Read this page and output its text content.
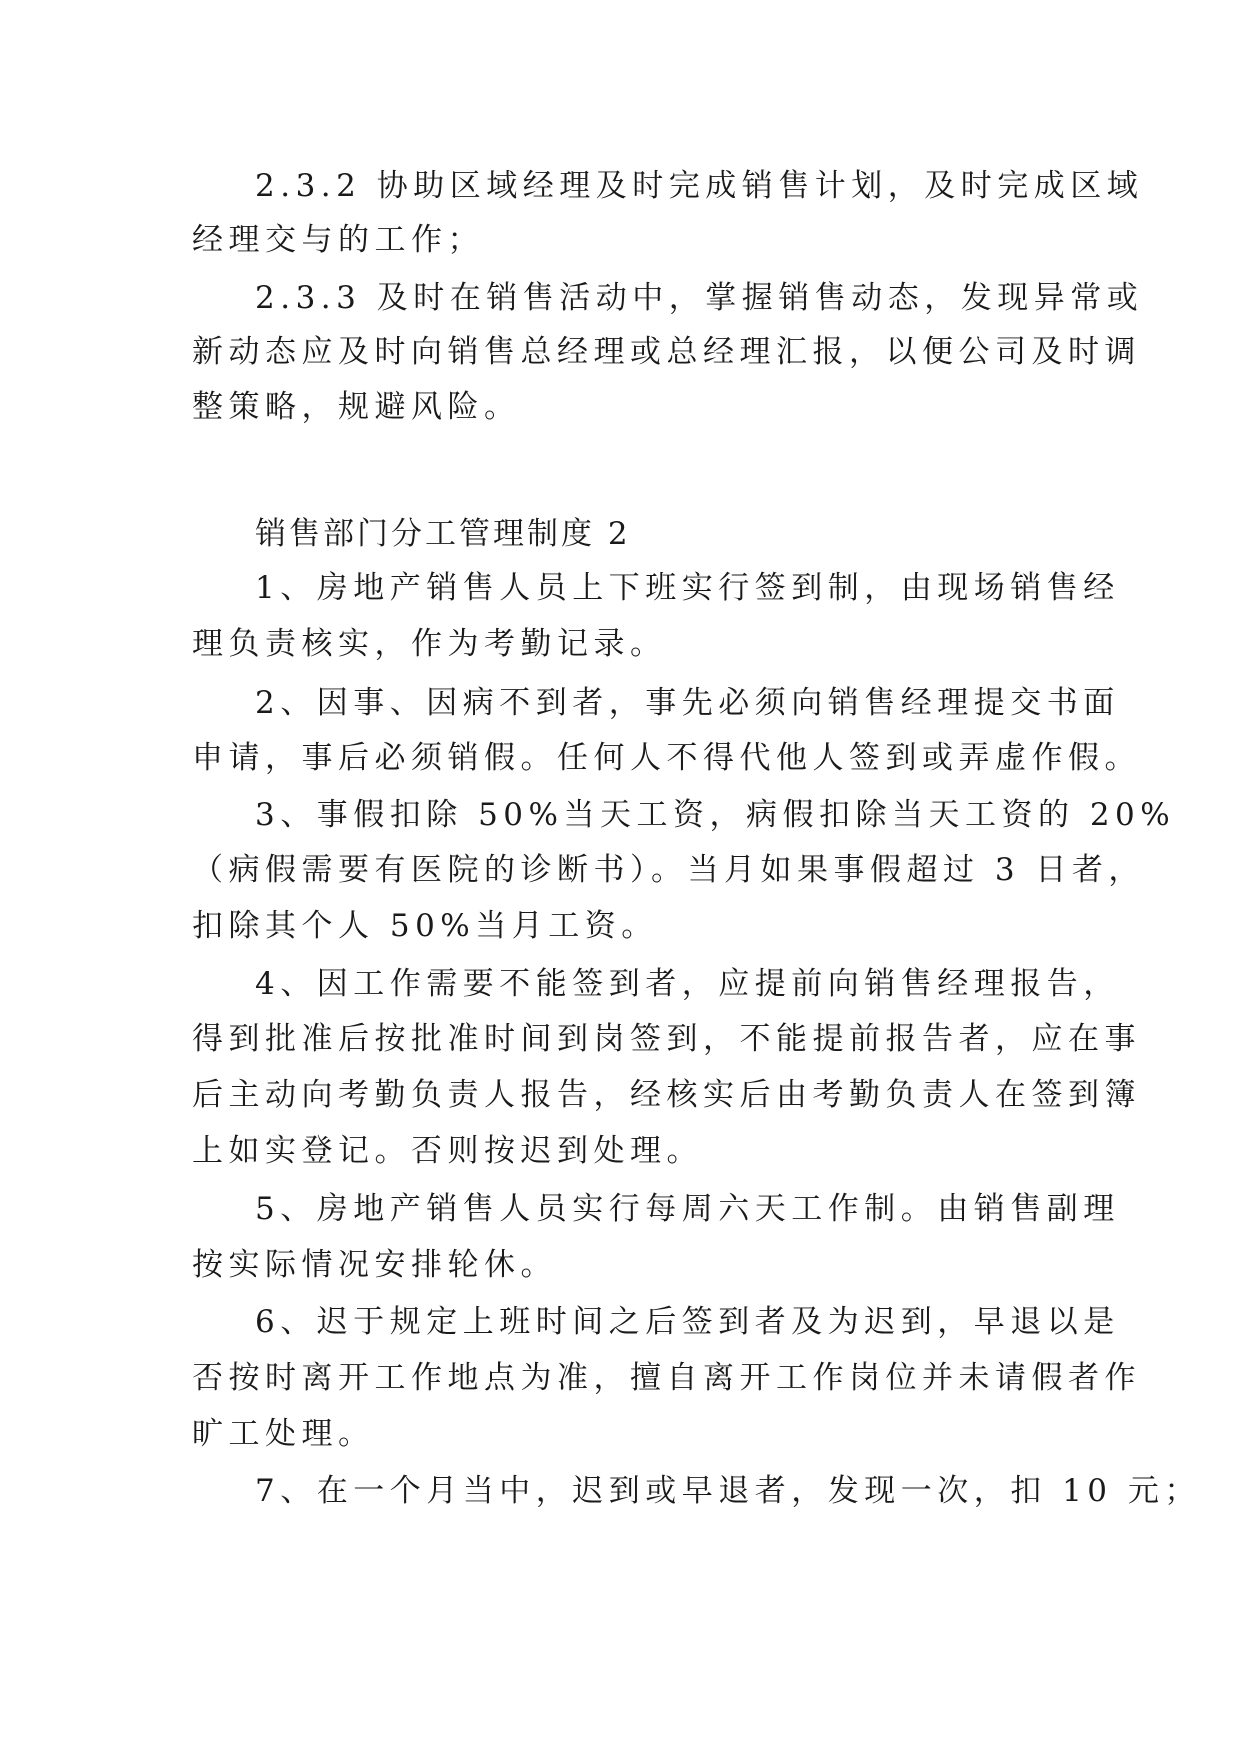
2.3.2 协助区域经理及时完成销售计划，及时完成区域
经理交与的工作；
2.3.3 及时在销售活动中，掌握销售动态，发现异常或
新动态应及时向销售总经理或总经理汇报，以便公司及时调
整策略，规避风险。
销售部门分工管理制度 2
1、房地产销售人员上下班实行签到制，由现场销售经
理负责核实，作为考勤记录。
2、因事、因病不到者，事先必须向销售经理提交书面
申请，事后必须销假。任何人不得代他人签到或弄虚作假。
3、事假扣除 50%当天工资，病假扣除当天工资的 20%
（病假需要有医院的诊断书）。当月如果事假超过 3 日者，
扣除其个人 50%当月工资。
4、因工作需要不能签到者，应提前向销售经理报告，
得到批准后按批准时间到岗签到，不能提前报告者，应在事
后主动向考勤负责人报告，经核实后由考勤负责人在签到簿
上如实登记。否则按迟到处理。
5、房地产销售人员实行每周六天工作制。由销售副理
按实际情况安排轮休。
6、迟于规定上班时间之后签到者及为迟到，早退以是
否按时离开工作地点为准，擅自离开工作岗位并未请假者作
旷工处理。
7、在一个月当中，迟到或早退者，发现一次，扣 10 元；
